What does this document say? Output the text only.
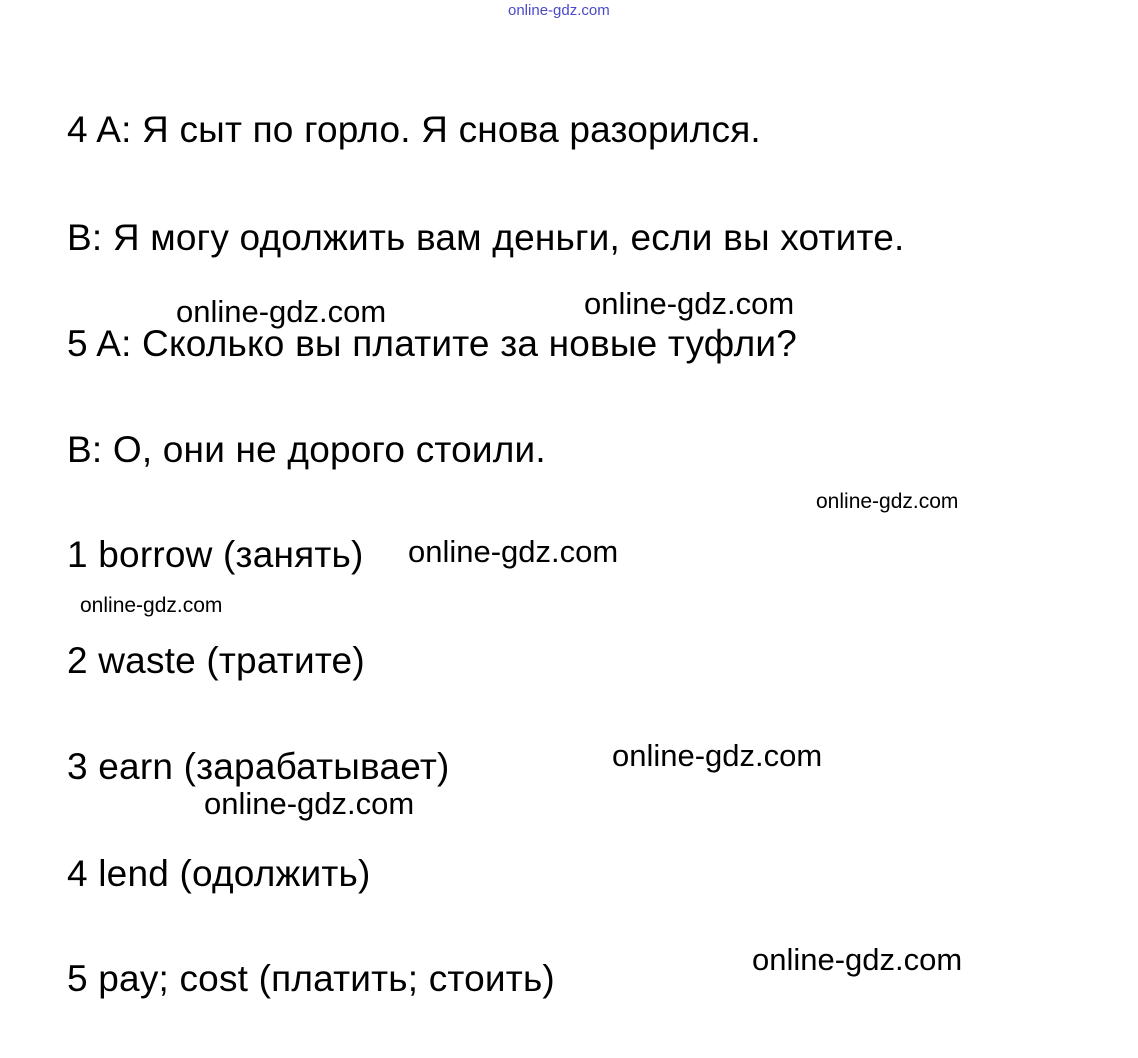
online-gdz.com
4 A: Я сыт по горло. Я снова разорился.
B: Я могу одолжить вам деньги, если вы хотите.
5 A: Сколько вы платите за новые туфли?
B: О, они не дорого стоили.
1 borrow (занять)
2 waste (тратите)
3 earn (зарабатывает)
4 lend (одолжить)
5 pay; cost (платить; стоить)
online-gdz.com	online-gdz.com
online-gdz.com
online-gdz.com
online-gdz.com
online-gdz.com
online-gdz.com
online-gdz.com
